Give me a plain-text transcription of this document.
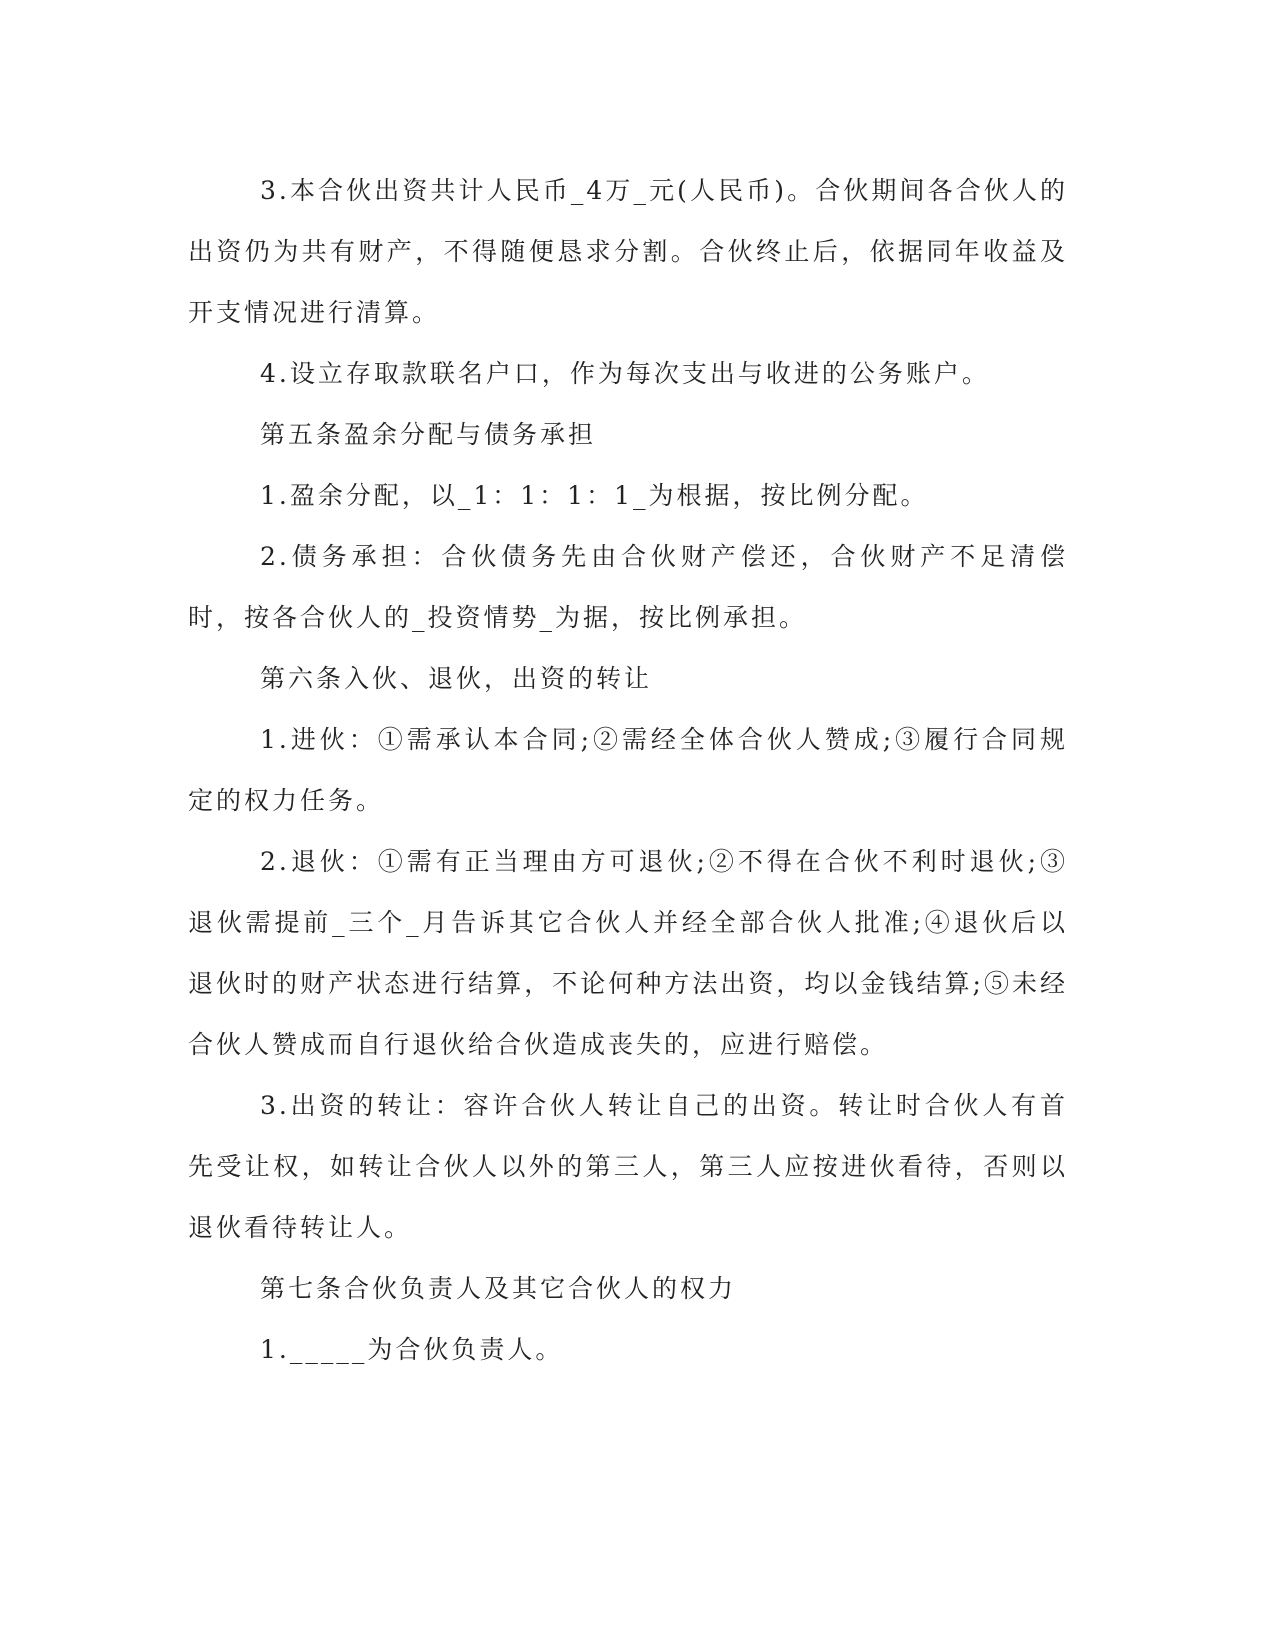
3.本合伙出资共计人民币_4万_元(人民币)。合伙期间各合伙人的出资仍为共有财产，不得随便恳求分割。合伙终止后，依据同年收益及开支情况进行清算。

4.设立存取款联名户口，作为每次支出与收进的公务账户。

第五条盈余分配与债务承担

1.盈余分配，以_1：1：1：1_为根据，按比例分配。

2.债务承担：合伙债务先由合伙财产偿还，合伙财产不足清偿时，按各合伙人的_投资情势_为据，按比例承担。

第六条入伙、退伙，出资的转让

1.进伙：①需承认本合同;②需经全体合伙人赞成;③履行合同规定的权力任务。

2.退伙：①需有正当理由方可退伙;②不得在合伙不利时退伙;③退伙需提前_三个_月告诉其它合伙人并经全部合伙人批准;④退伙后以退伙时的财产状态进行结算，不论何种方法出资，均以金钱结算;⑤未经合伙人赞成而自行退伙给合伙造成丧失的，应进行赔偿。

3.出资的转让：容许合伙人转让自己的出资。转让时合伙人有首先受让权，如转让合伙人以外的第三人，第三人应按进伙看待，否则以退伙看待转让人。

第七条合伙负责人及其它合伙人的权力

1._____为合伙负责人。
